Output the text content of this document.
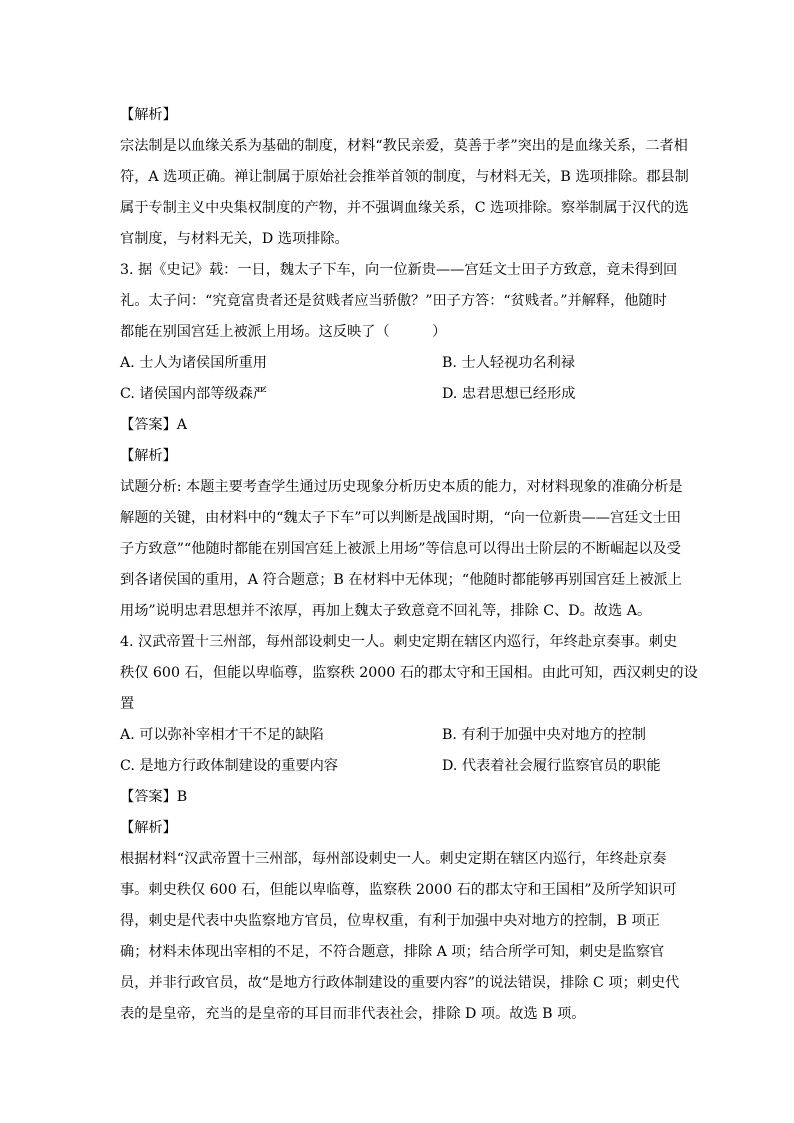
【解析】
宗法制是以血缘关系为基础的制度，材料“教民亲爱，莫善于孝”突出的是血缘关系，二者相
符，A 选项正确。禅让制属于原始社会推举首领的制度，与材料无关，B 选项排除。郡县制
属于专制主义中央集权制度的产物，并不强调血缘关系，C 选项排除。察举制属于汉代的选
官制度，与材料无关，D 选项排除。
3. 据《史记》载：一日，魏太子下车，向一位新贵——宫廷文士田子方致意，竟未得到回
礼。太子问：“究竟富贵者还是贫贱者应当骄傲？”田子方答：“贫贱者。”并解释，他随时
都能在别国宫廷上被派上用场。这反映了（　　　）
A. 士人为诸侯国所重用	B. 士人轻视功名利禄
C. 诸侯国内部等级森严	D. 忠君思想已经形成
【答案】A
【解析】
试题分析: 本题主要考查学生通过历史现象分析历史本质的能力，对材料现象的准确分析是
解题的关键，由材料中的“魏太子下车”可以判断是战国时期，“向一位新贵——宫廷文士田
子方致意”“他随时都能在别国宫廷上被派上用场”等信息可以得出士阶层的不断崛起以及受
到各诸侯国的重用，A 符合题意；B 在材料中无体现；“他随时都能够再别国宫廷上被派上
用场”说明忠君思想并不浓厚，再加上魏太子致意竟不回礼等，排除 C、D。故选 A。
4. 汉武帝置十三州部，每州部设刺史一人。刺史定期在辖区内巡行，年终赴京奏事。刺史
秩仅 600 石，但能以卑临尊，监察秩 2000 石的郡太守和王国相。由此可知，西汉刺史的设
置
A. 可以弥补宰相才干不足的缺陷	B. 有利于加强中央对地方的控制
C. 是地方行政体制建设的重要内容	D. 代表着社会履行监察官员的职能
【答案】B
【解析】
根据材料“汉武帝置十三州部，每州部设刺史一人。刺史定期在辖区内巡行，年终赴京奏
事。刺史秩仅 600 石，但能以卑临尊，监察秩 2000 石的郡太守和王国相”及所学知识可
得，刺史是代表中央监察地方官员，位卑权重，有利于加强中央对地方的控制，B 项正
确；材料未体现出宰相的不足，不符合题意，排除 A 项；结合所学可知，刺史是监察官
员，并非行政官员，故“是地方行政体制建设的重要内容”的说法错误，排除 C 项；刺史代
表的是皇帝，充当的是皇帝的耳目而非代表社会，排除 D 项。故选 B 项。
